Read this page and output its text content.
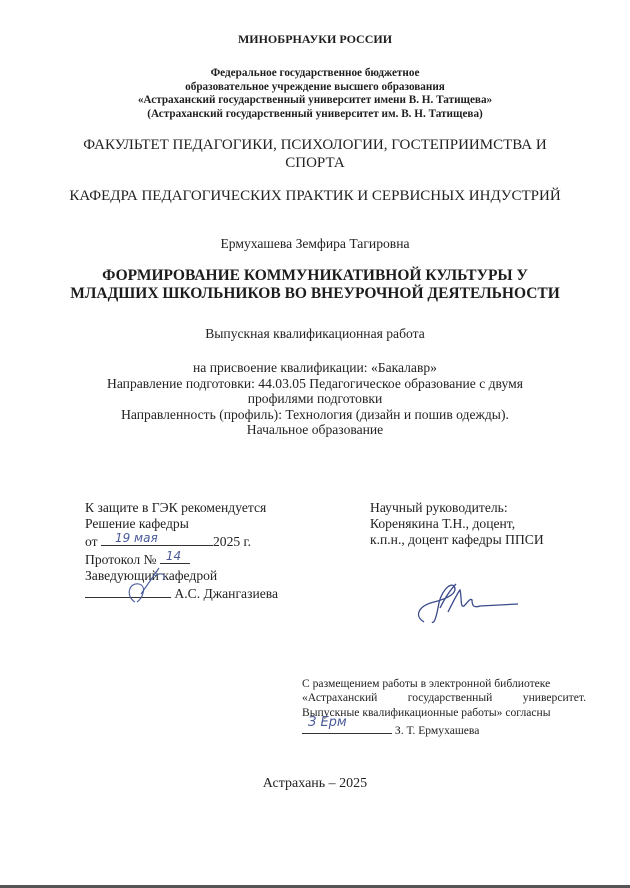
МИНОБРНАУКИ РОССИИ
Федеральное государственное бюджетное
образовательное учреждение высшего образования
«Астраханский государственный университет имени В. Н. Татищева»
(Астраханский государственный университет им. В. Н. Татищева)
ФАКУЛЬТЕТ ПЕДАГОГИКИ, ПСИХОЛОГИИ, ГОСТЕПРИИМСТВА И
СПОРТА
КАФЕДРА ПЕДАГОГИЧЕСКИХ ПРАКТИК И СЕРВИСНЫХ ИНДУСТРИЙ
Ермухашева Земфира Тагировна
ФОРМИРОВАНИЕ КОММУНИКАТИВНОЙ КУЛЬТУРЫ У
МЛАДШИХ ШКОЛЬНИКОВ ВО ВНЕУРОЧНОЙ ДЕЯТЕЛЬНОСТИ
Выпускная квалификационная работа
на присвоение квалификации: «Бакалавр»
Направление подготовки: 44.03.05 Педагогическое образование с двумя
профилями подготовки
Направленность (профиль): Технология (дизайн и пошив одежды).
Начальное образование
К защите в ГЭК рекомендуется
Решение кафедры
от 19 мая	2025 г.
Протокол № 14
Заведующий кафедрой
А.С. Джангазиева
Научный руководитель:
Коренякина Т.Н., доцент,
к.п.н., доцент кафедры ППСИ
С размещением работы в электронной библиотеке
«Астраханский государственный университет.
Выпускные квалификационные работы» согласны
З Ерм
З. Т. Ермухашева
Астрахань – 2025
